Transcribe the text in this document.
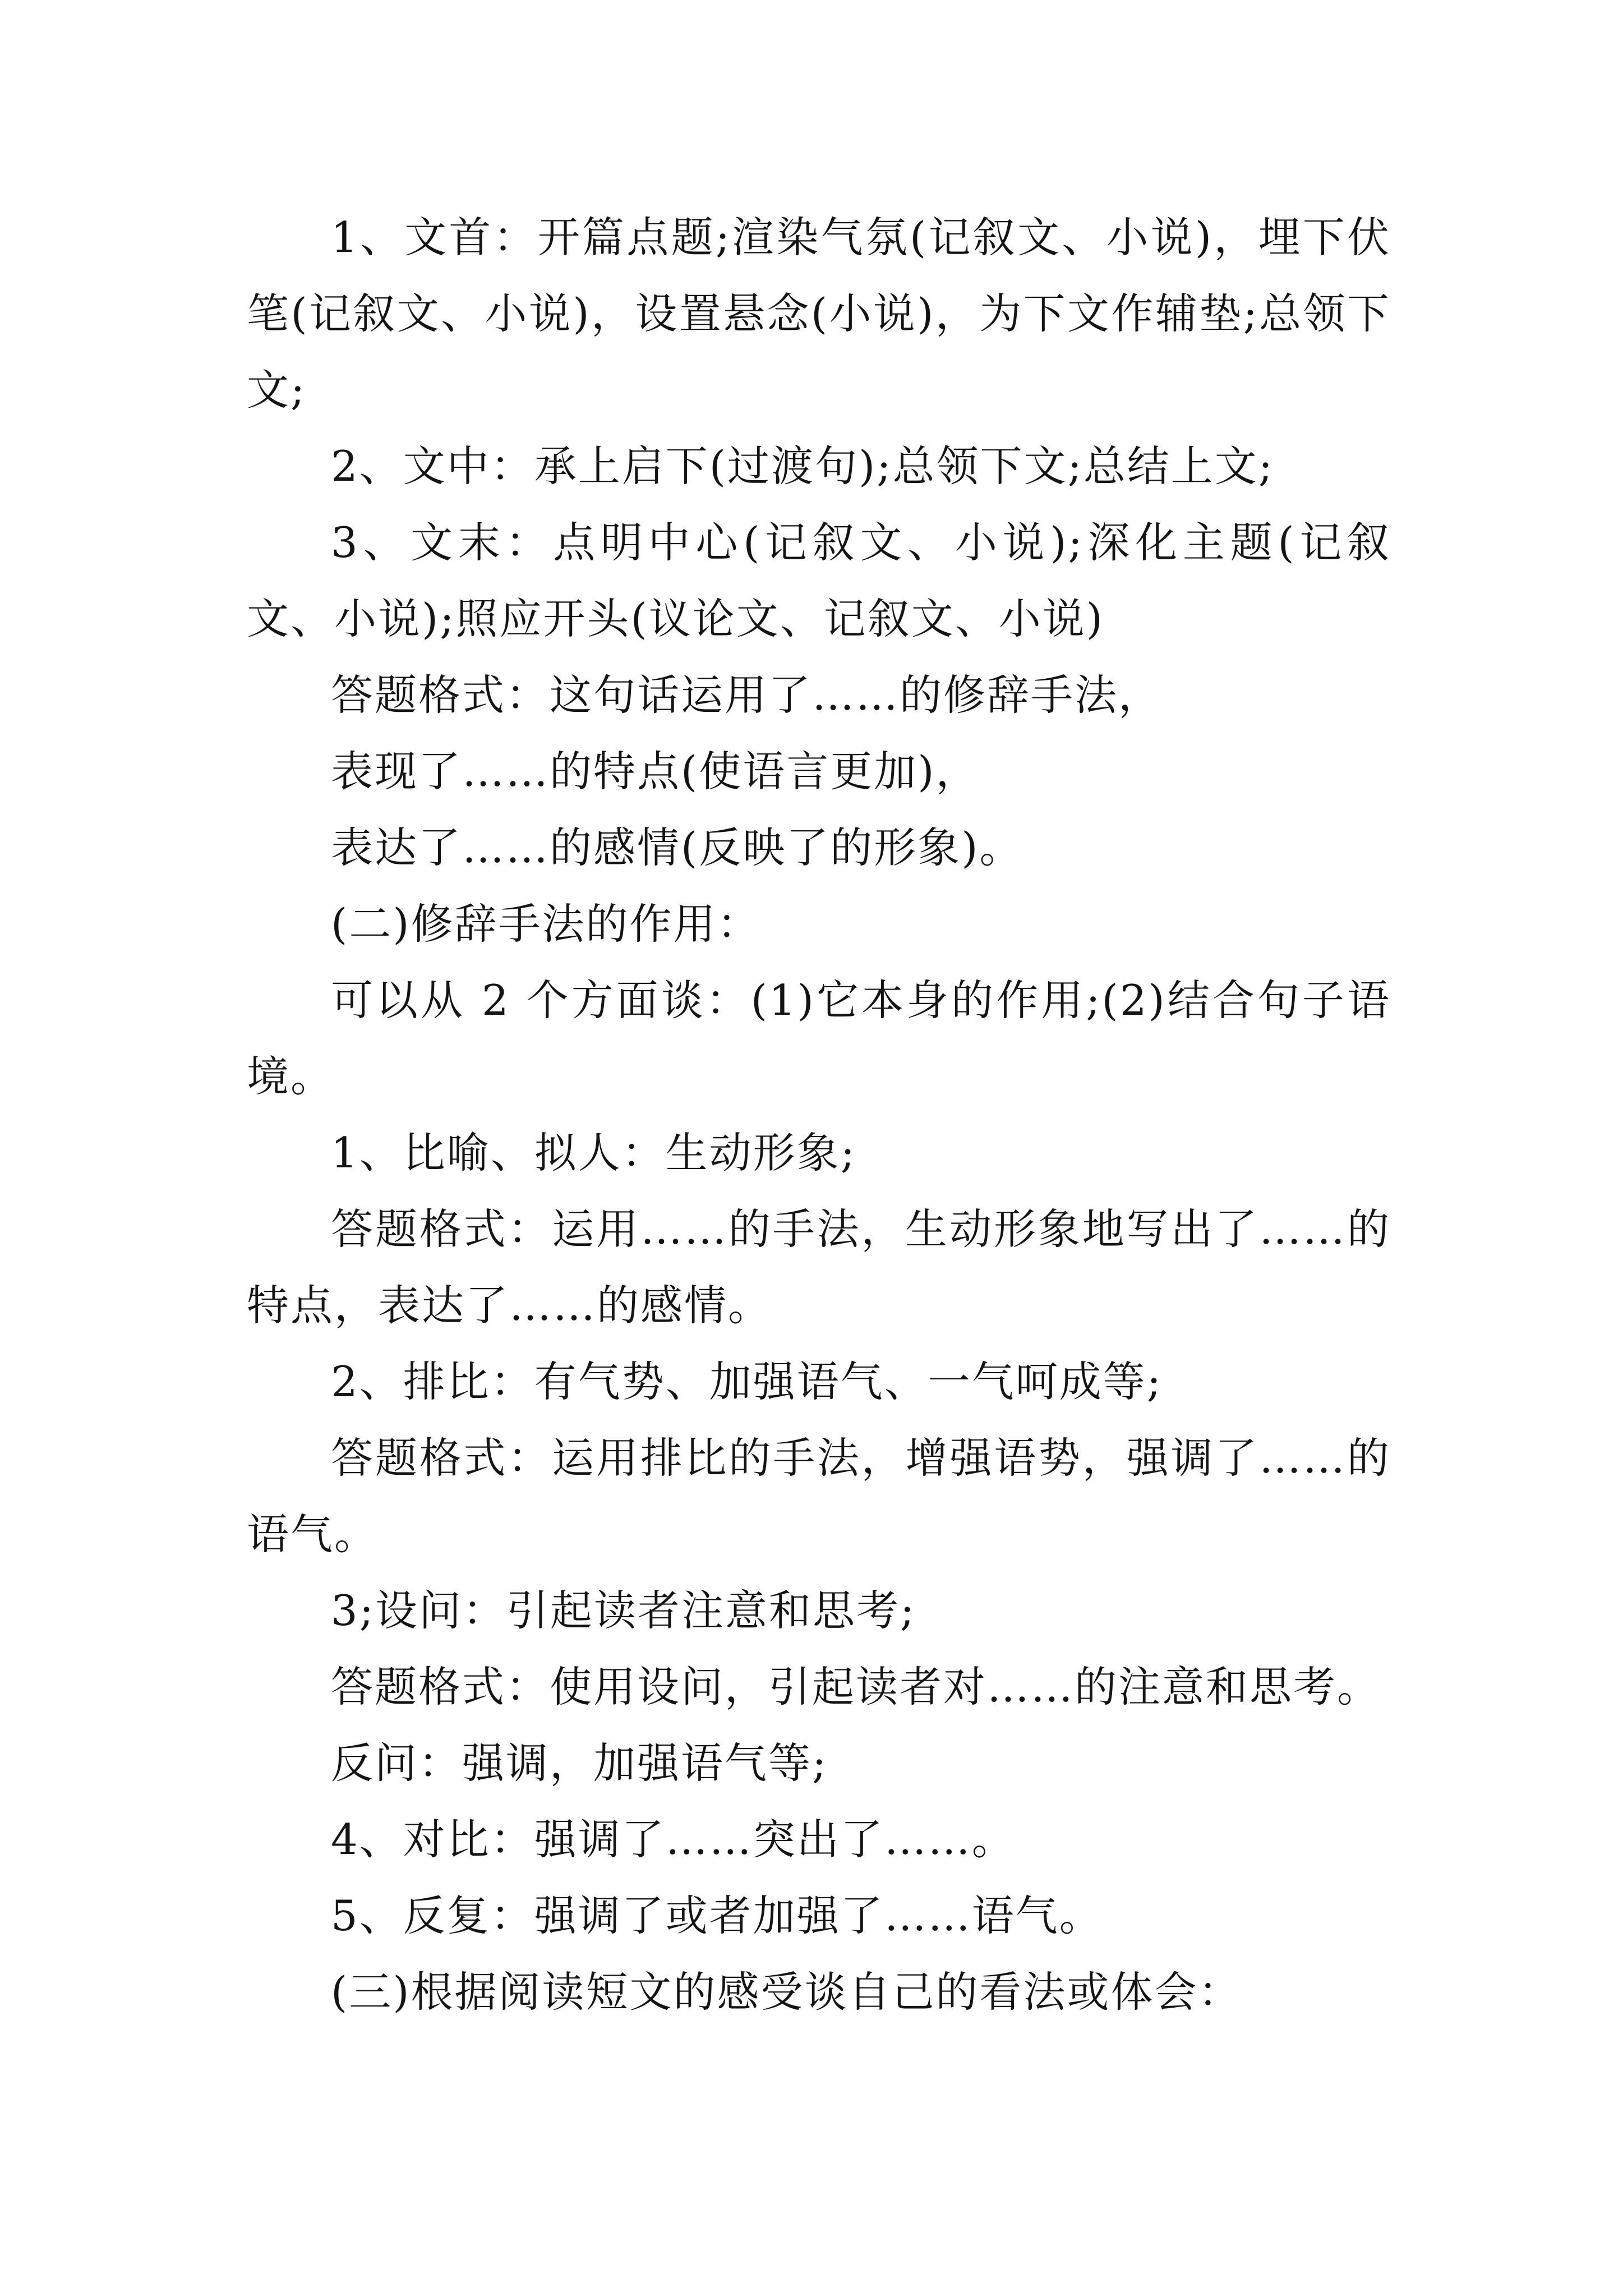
1、文首：开篇点题;渲染气氛(记叙文、小说)，埋下伏笔(记叙文、小说)，设置悬念(小说)，为下文作辅垫;总领下文;

2、文中：承上启下(过渡句);总领下文;总结上文;

3、文末：点明中心(记叙文、小说);深化主题(记叙文、小说);照应开头(议论文、记叙文、小说)

答题格式：这句话运用了……的修辞手法，

表现了……的特点(使语言更加)，

表达了……的感情(反映了的形象)。

(二)修辞手法的作用：

可以从 2 个方面谈：(1)它本身的作用;(2)结合句子语境。

1、比喻、拟人：生动形象;

答题格式：运用……的手法，生动形象地写出了……的特点，表达了……的感情。

2、排比：有气势、加强语气、一气呵成等;

答题格式：运用排比的手法，增强语势，强调了……的语气。

3;设问：引起读者注意和思考;

答题格式：使用设问，引起读者对……的注意和思考。

反问：强调，加强语气等;

4、对比：强调了……突出了……。

5、反复：强调了或者加强了……语气。

(三)根据阅读短文的感受谈自己的看法或体会：
